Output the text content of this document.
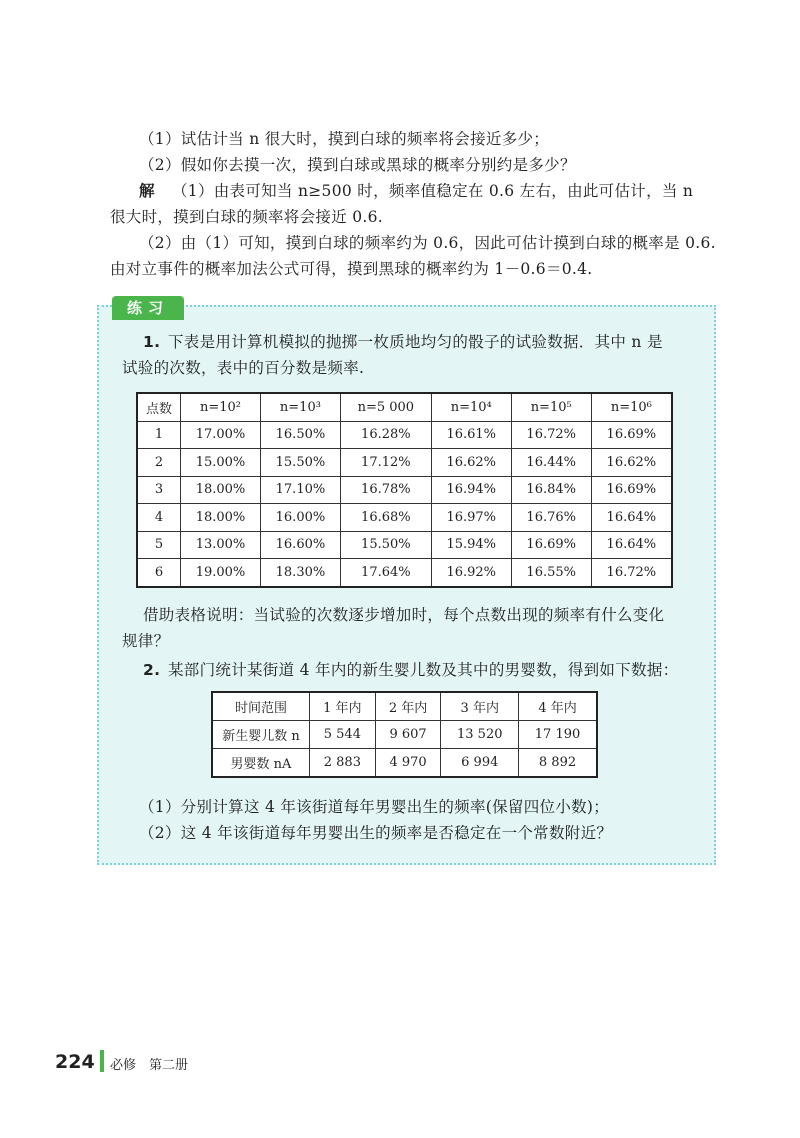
（1）试估计当 n 很大时，摸到白球的频率将会接近多少；
（2）假如你去摸一次，摸到白球或黑球的概率分别约是多少？
解 （1）由表可知当 n≥500 时，频率值稳定在 0.6 左右，由此可估计，当 n
很大时，摸到白球的频率将会接近 0.6.
（2）由（1）可知，摸到白球的频率约为 0.6，因此可估计摸到白球的概率是 0.6.
由对立事件的概率加法公式可得，摸到黑球的概率约为 1－0.6＝0.4.
练习
1. 下表是用计算机模拟的抛掷一枚质地均匀的骰子的试验数据．其中 n 是
试验的次数，表中的百分数是频率.
点数	n=10²	n=10³	n=5 000	n=10⁴	n=10⁵	n=10⁶
1	17.00%	16.50%	16.28%	16.61%	16.72%	16.69%
2	15.00%	15.50%	17.12%	16.62%	16.44%	16.62%
3	18.00%	17.10%	16.78%	16.94%	16.84%	16.69%
4	18.00%	16.00%	16.68%	16.97%	16.76%	16.64%
5	13.00%	16.60%	15.50%	15.94%	16.69%	16.64%
6	19.00%	18.30%	17.64%	16.92%	16.55%	16.72%
借助表格说明：当试验的次数逐步增加时，每个点数出现的频率有什么变化
规律？
2. 某部门统计某街道 4 年内的新生婴儿数及其中的男婴数，得到如下数据：
时间范围	1 年内	2 年内	3 年内	4 年内
新生婴儿数 n	5 544	9 607	13 520	17 190
男婴数 nA	2 883	4 970	6 994	8 892
（1）分别计算这 4 年该街道每年男婴出生的频率(保留四位小数)；
（2）这 4 年该街道每年男婴出生的频率是否稳定在一个常数附近？
224 必修　第二册
